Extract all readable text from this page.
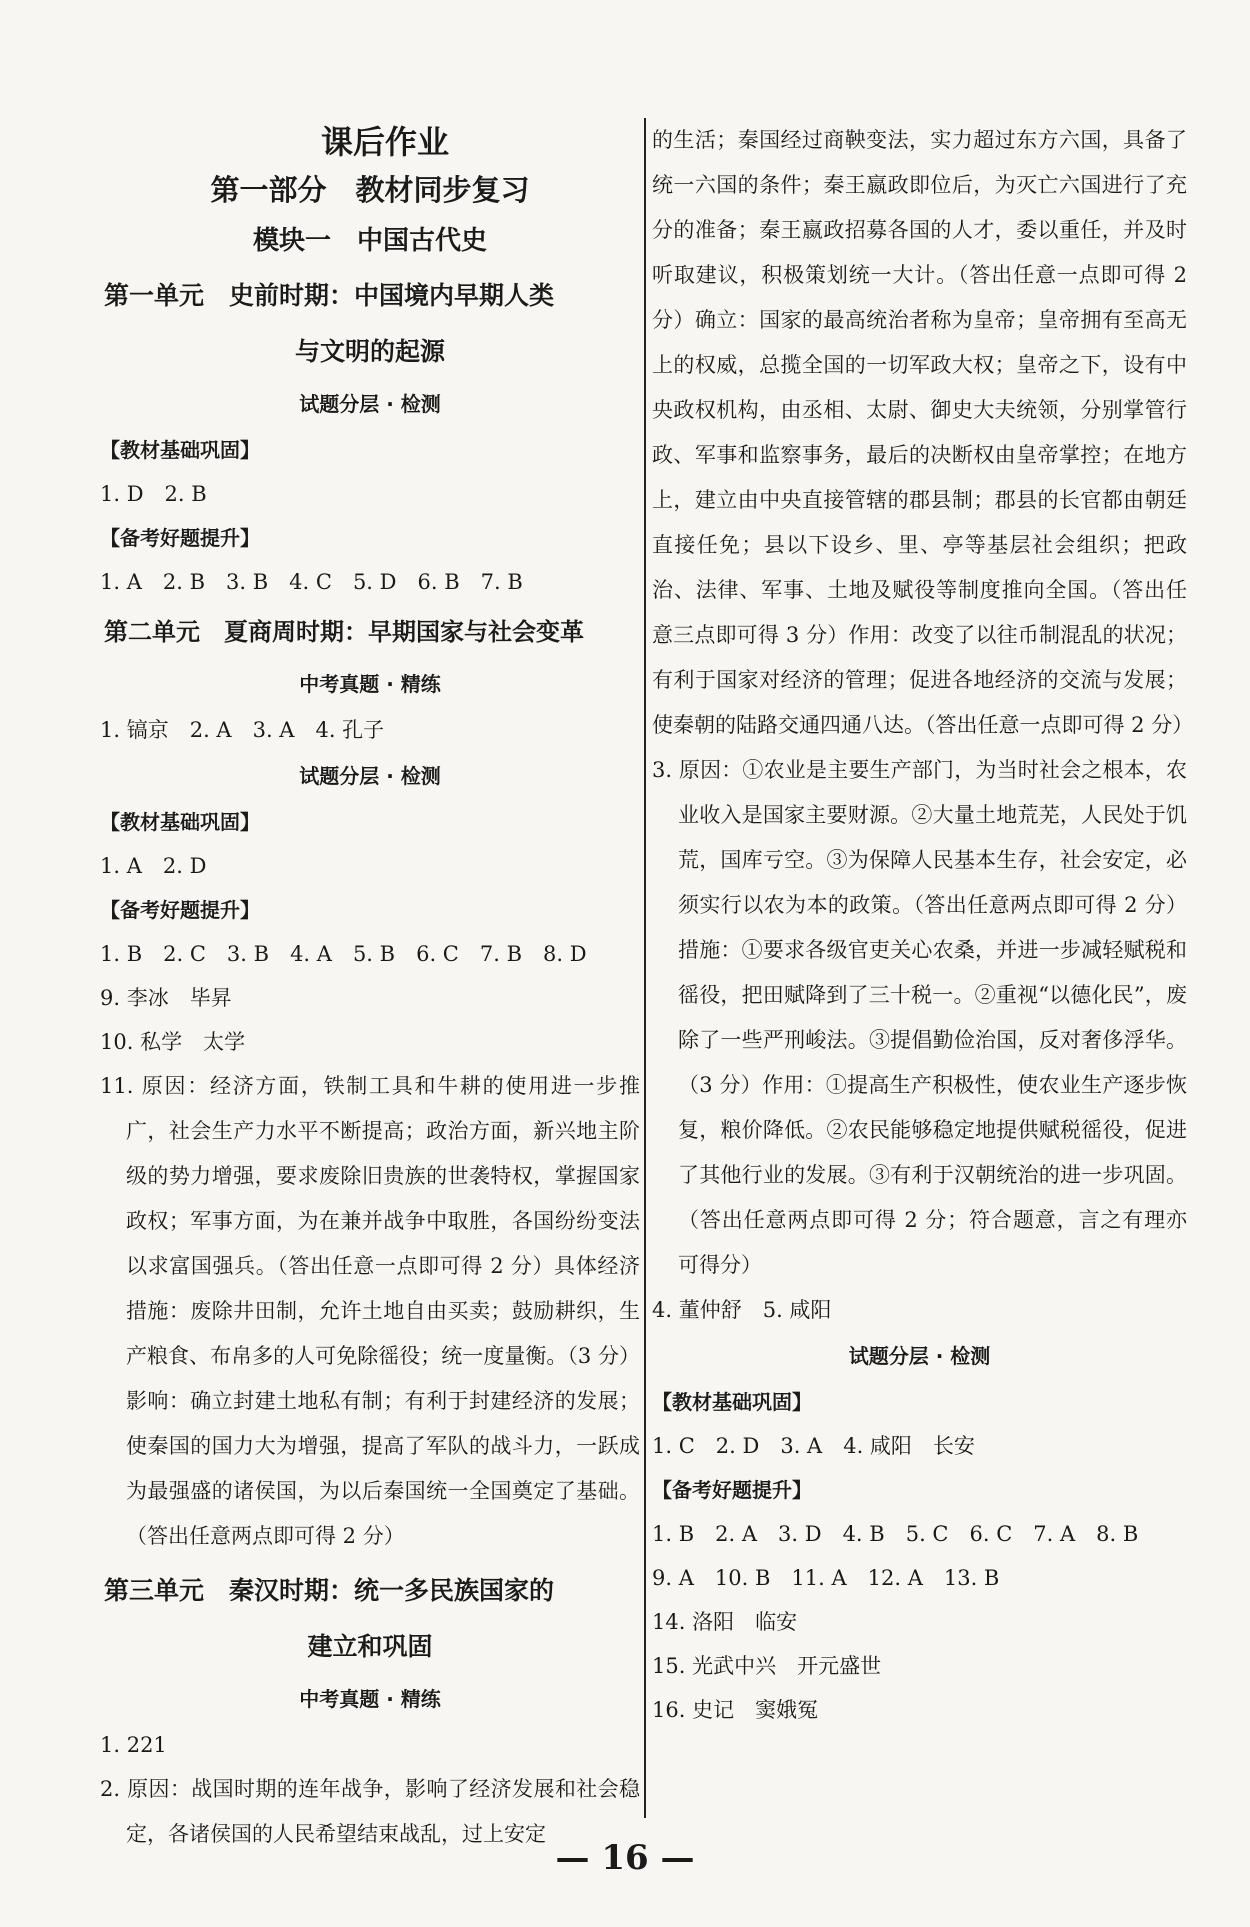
课后作业
第一部分　教材同步复习
模块一　中国古代史
第一单元　史前时期：中国境内早期人类
与文明的起源
试题分层 · 检测
【教材基础巩固】
1. D　2. B
【备考好题提升】
1. A　2. B　3. B　4. C　5. D　6. B　7. B
第二单元　夏商周时期：早期国家与社会变革
中考真题 · 精练
1. 镐京　2. A　3. A　4. 孔子
试题分层 · 检测
【教材基础巩固】
1. A　2. D
【备考好题提升】
1. B　2. C　3. B　4. A　5. B　6. C　7. B　8. D
9. 李冰　毕昇
10. 私学　太学
11. 原因：经济方面，铁制工具和牛耕的使用进一步推广，社会生产力水平不断提高；政治方面，新兴地主阶级的势力增强，要求废除旧贵族的世袭特权，掌握国家政权；军事方面，为在兼并战争中取胜，各国纷纷变法以求富国强兵。（答出任意一点即可得 2 分）具体经济措施：废除井田制，允许土地自由买卖；鼓励耕织，生产粮食、布帛多的人可免除徭役；统一度量衡。（3 分）影响：确立封建土地私有制；有利于封建经济的发展；使秦国的国力大为增强，提高了军队的战斗力，一跃成为最强盛的诸侯国，为以后秦国统一全国奠定了基础。（答出任意两点即可得 2 分）
第三单元　秦汉时期：统一多民族国家的
建立和巩固
中考真题 · 精练
1. 221
2. 原因：战国时期的连年战争，影响了经济发展和社会稳定，各诸侯国的人民希望结束战乱，过上安定
的生活；秦国经过商鞅变法，实力超过东方六国，具备了统一六国的条件；秦王嬴政即位后，为灭亡六国进行了充分的准备；秦王嬴政招募各国的人才，委以重任，并及时听取建议，积极策划统一大计。（答出任意一点即可得 2 分）确立：国家的最高统治者称为皇帝；皇帝拥有至高无上的权威，总揽全国的一切军政大权；皇帝之下，设有中央政权机构，由丞相、太尉、御史大夫统领，分别掌管行政、军事和监察事务，最后的决断权由皇帝掌控；在地方上，建立由中央直接管辖的郡县制；郡县的长官都由朝廷直接任免；县以下设乡、里、亭等基层社会组织；把政治、法律、军事、土地及赋役等制度推向全国。（答出任意三点即可得 3 分）作用：改变了以往币制混乱的状况；有利于国家对经济的管理；促进各地经济的交流与发展；使秦朝的陆路交通四通八达。（答出任意一点即可得 2 分）
3. 原因：①农业是主要生产部门，为当时社会之根本，农业收入是国家主要财源。②大量土地荒芜，人民处于饥荒，国库亏空。③为保障人民基本生存，社会安定，必须实行以农为本的政策。（答出任意两点即可得 2 分）措施：①要求各级官吏关心农桑，并进一步减轻赋税和徭役，把田赋降到了三十税一。②重视“以德化民”，废除了一些严刑峻法。③提倡勤俭治国，反对奢侈浮华。（3 分）作用：①提高生产积极性，使农业生产逐步恢复，粮价降低。②农民能够稳定地提供赋税徭役，促进了其他行业的发展。③有利于汉朝统治的进一步巩固。（答出任意两点即可得 2 分；符合题意，言之有理亦可得分）
4. 董仲舒　5. 咸阳
试题分层 · 检测
【教材基础巩固】
1. C　2. D　3. A　4. 咸阳　长安
【备考好题提升】
1. B　2. A　3. D　4. B　5. C　6. C　7. A　8. B
9. A　10. B　11. A　12. A　13. B
14. 洛阳　临安
15. 光武中兴　开元盛世
16. 史记　窦娥冤
— 16 —
